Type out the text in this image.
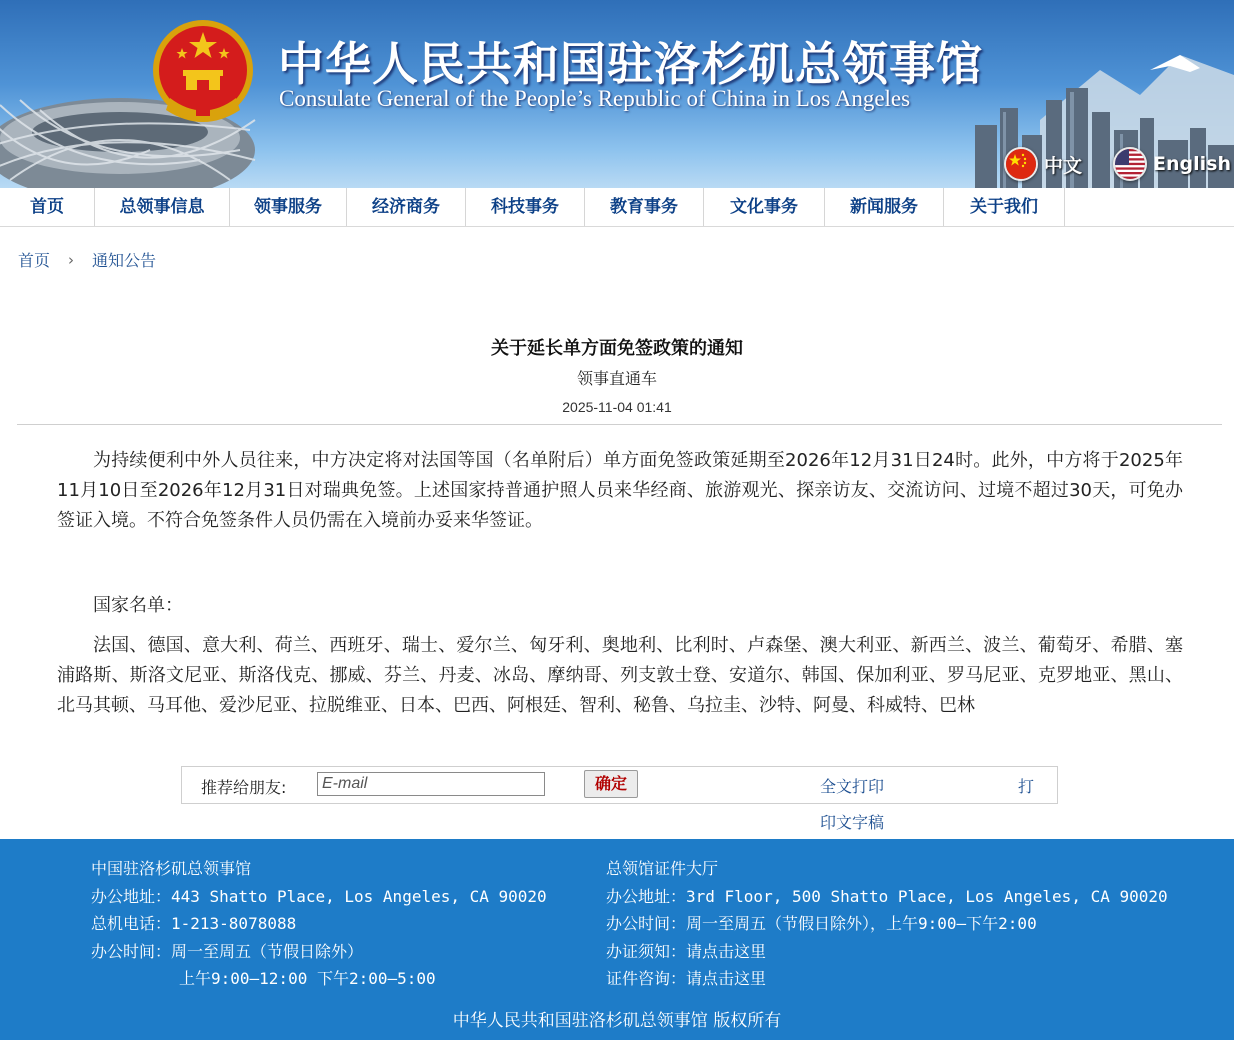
中华人民共和国驻洛杉矶总领事馆
Consulate General of the People’s Republic of China in Los Angeles
中文	English
首页	总领事信息	领事服务	经济商务	科技事务	教育事务	文化事务	新闻服务	关于我们
首页 › 通知公告
关于延长单方面免签政策的通知
领事直通车
2025-11-04 01:41

为持续便利中外人员往来，中方决定将对法国等国（名单附后）单方面免签政策延期至2026年12月31日24时。此外，中方将于2025年11月10日至2026年12月31日对瑞典免签。上述国家持普通护照人员来华经商、旅游观光、探亲访友、交流访问、过境不超过30天，可免办签证入境。不符合免签条件人员仍需在入境前办妥来华签证。

国家名单：

法国、德国、意大利、荷兰、西班牙、瑞士、爱尔兰、匈牙利、奥地利、比利时、卢森堡、澳大利亚、新西兰、波兰、葡萄牙、希腊、塞浦路斯、斯洛文尼亚、斯洛伐克、挪威、芬兰、丹麦、冰岛、摩纳哥、列支敦士登、安道尔、韩国、保加利亚、罗马尼亚、克罗地亚、黑山、北马其顿、马耳他、爱沙尼亚、拉脱维亚、日本、巴西、阿根廷、智利、秘鲁、乌拉圭、沙特、阿曼、科威特、巴林

推荐给朋友:
E-mail	确定	全文打印	打
印文字稿
中国驻洛杉矶总领事馆
办公地址：443 Shatto Place, Los Angeles, CA 90020
总机电话：1-213-8078088
办公时间：周一至周五（节假日除外）
上午9:00—12:00 下午2:00—5:00
总领馆证件大厅
办公地址：3rd Floor, 500 Shatto Place, Los Angeles, CA 90020
办公时间：周一至周五（节假日除外），上午9:00—下午2:00
办证须知：请点击这里
证件咨询：请点击这里
中华人民共和国驻洛杉矶总领事馆 版权所有
